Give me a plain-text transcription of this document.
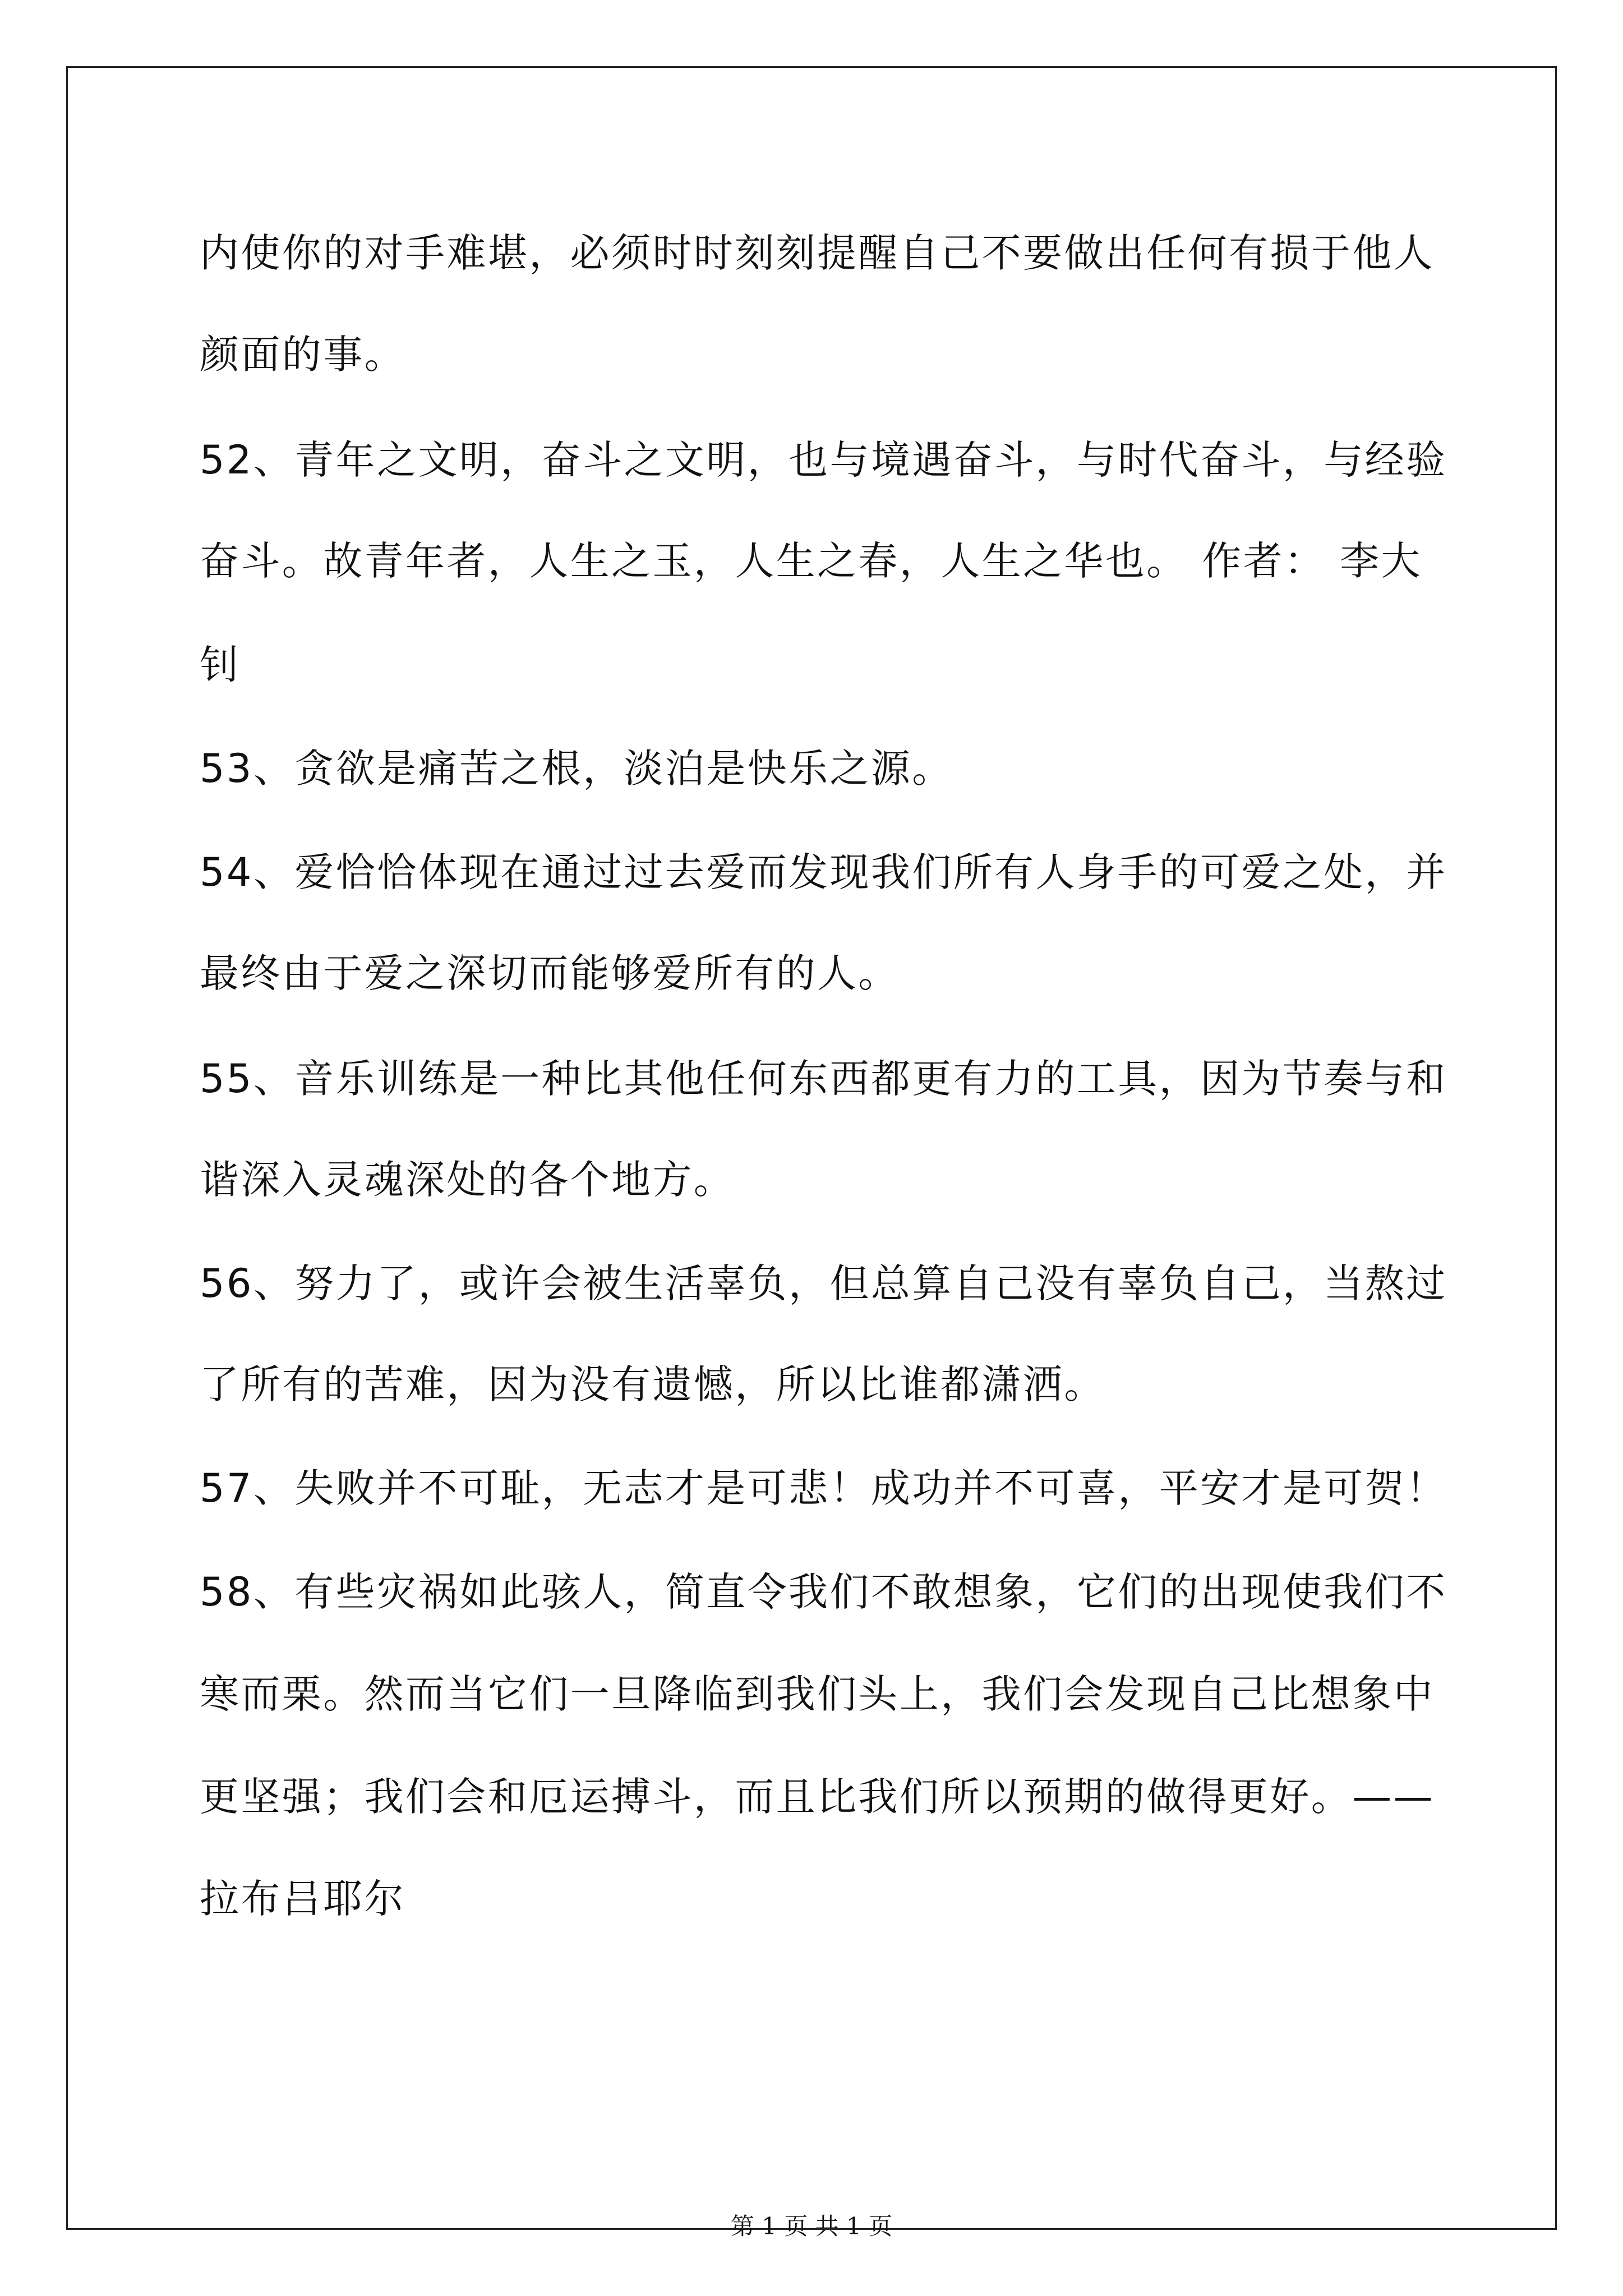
内使你的对手难堪，必须时时刻刻提醒自己不要做出任何有损于他人
颜面的事。
52、青年之文明，奋斗之文明，也与境遇奋斗，与时代奋斗，与经验
奋斗。故青年者，人生之玉，人生之春，人生之华也。 作者： 李大
钊
53、贪欲是痛苦之根，淡泊是快乐之源。
54、爱恰恰体现在通过过去爱而发现我们所有人身手的可爱之处，并
最终由于爱之深切而能够爱所有的人。
55、音乐训练是一种比其他任何东西都更有力的工具，因为节奏与和
谐深入灵魂深处的各个地方。
56、努力了，或许会被生活辜负，但总算自己没有辜负自己，当熬过
了所有的苦难，因为没有遗憾，所以比谁都潇洒。
57、失败并不可耻，无志才是可悲！成功并不可喜，平安才是可贺！
58、有些灾祸如此骇人，简直令我们不敢想象，它们的出现使我们不
寒而栗。然而当它们一旦降临到我们头上，我们会发现自己比想象中
更坚强；我们会和厄运搏斗，而且比我们所以预期的做得更好。——
拉布吕耶尔
第 1 页 共 1 页
